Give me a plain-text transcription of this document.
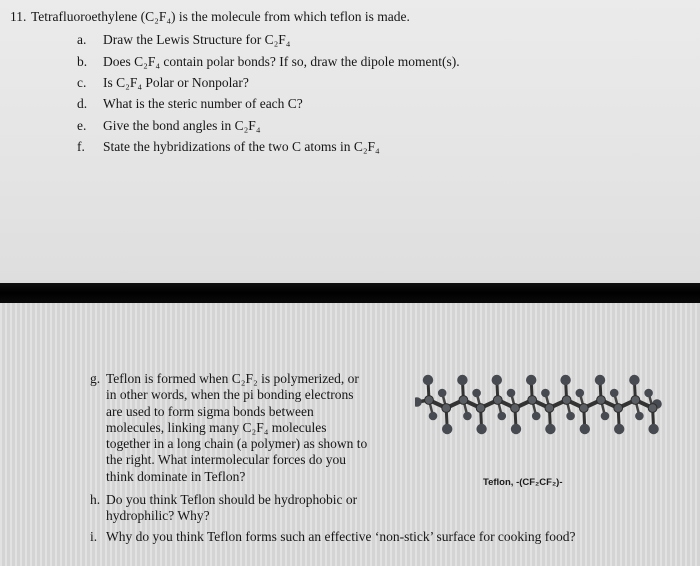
11. Tetrafluoroethylene (C₂F₄) is the molecule from which teflon is made.
a. Draw the Lewis Structure for C₂F₄
b. Does C₂F₄ contain polar bonds? If so, draw the dipole moment(s).
c. Is C₂F₄ Polar or Nonpolar?
d. What is the steric number of each C?
e. Give the bond angles in C₂F₄
f. State the hybridizations of the two C atoms in C₂F₄
g. Teflon is formed when C₂F₂ is polymerized, or
in other words, when the pi bonding electrons
are used to form sigma bonds between
molecules, linking many C₂F₄ molecules
together in a long chain (a polymer) as shown to
the right. What intermolecular forces do you
think dominate in Teflon?
h. Do you think Teflon should be hydrophobic or
hydrophilic? Why?
i. Why do you think Teflon forms such an effective ‘non-stick’ surface for cooking food?
Teflon, -(CF₂CF₂)-
